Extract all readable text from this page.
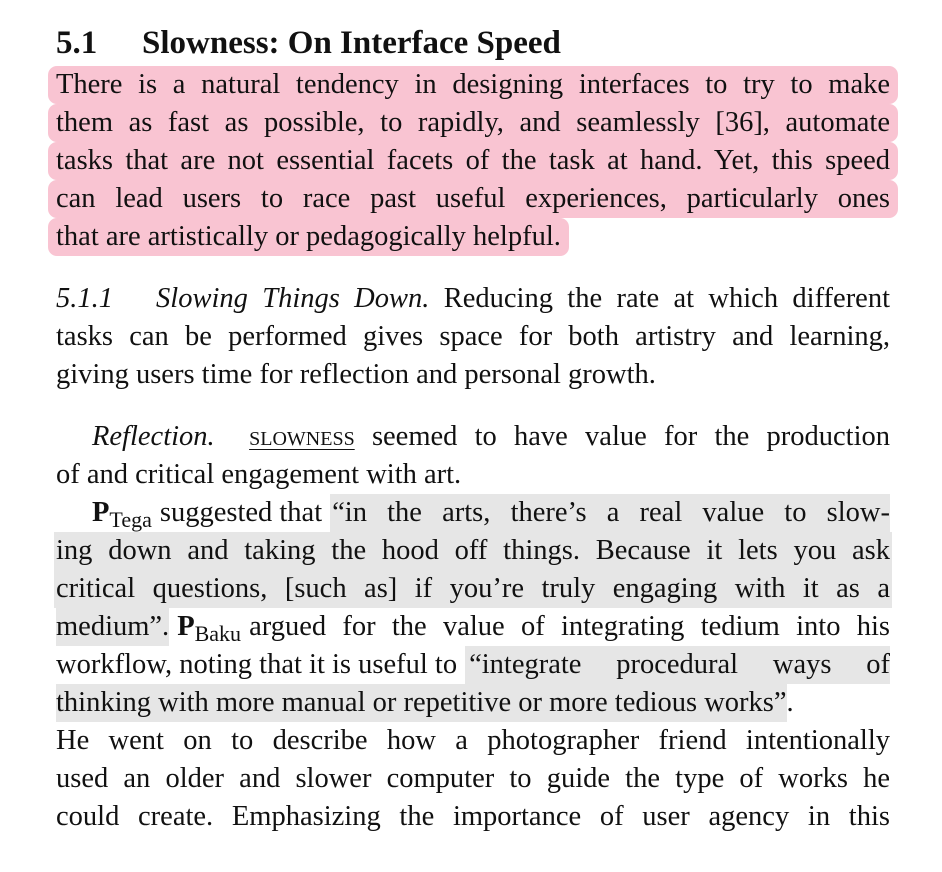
5.1 Slowness: On Interface Speed
There is a natural tendency in designing interfaces to try to make
them as fast as possible, to rapidly, and seamlessly [36], automate
tasks that are not essential facets of the task at hand. Yet, this speed
can lead users to race past useful experiences, particularly ones
that are artistically or pedagogically helpful.
5.1.1 Slowing Things Down. Reducing the rate at which different
tasks can be performed gives space for both artistry and learning,
giving users time for reflection and personal growth.
Reflection. slowness seemed to have value for the production
of and critical engagement with art.
$P_{Tega}$ suggested that “in the arts, there’s a real value to slow-
ing down and taking the hood off things. Because it lets you ask
critical questions, [such as] if you’re truly engaging with it as a
medium”. $P_{Baku}$ argued for the value of integrating tedium into his
workflow, noting that it is useful to “integrate procedural ways of
thinking with more manual or repetitive or more tedious works” .
He went on to describe how a photographer friend intentionally
used an older and slower computer to guide the type of works he
could create. Emphasizing the importance of user agency in this
